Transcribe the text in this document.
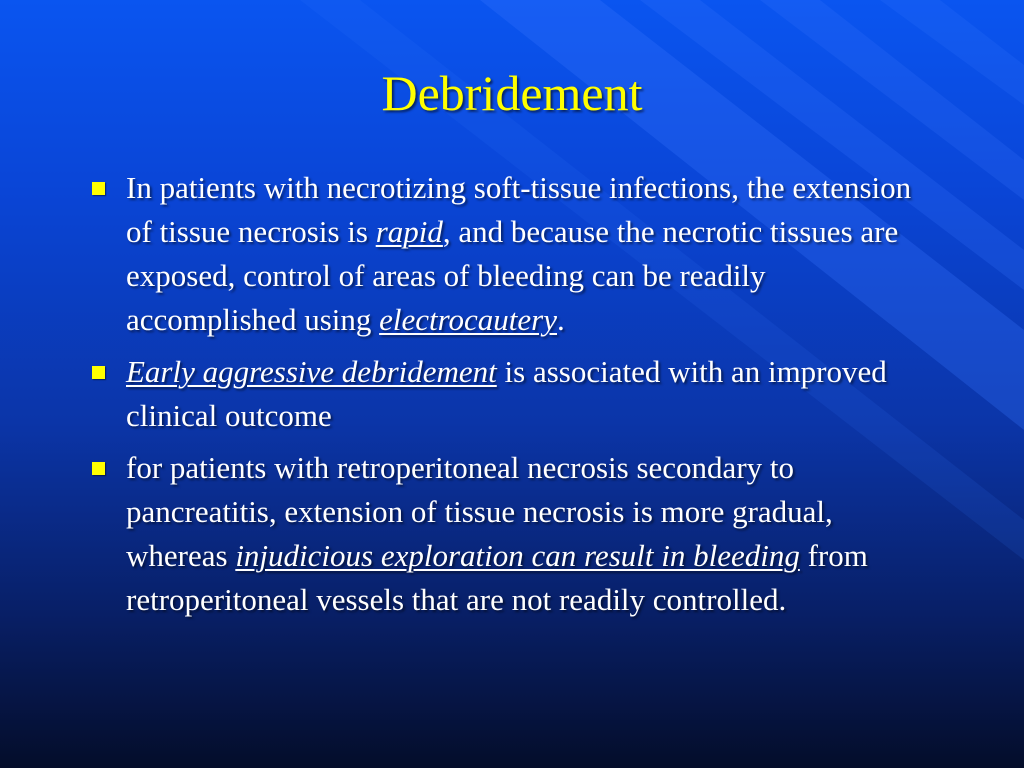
Debridement
In patients with necrotizing soft-tissue infections, the extension of tissue necrosis is rapid, and because the necrotic tissues are exposed, control of areas of bleeding can be readily accomplished using electrocautery.
Early aggressive debridement is associated with an improved clinical outcome
for patients with retroperitoneal necrosis secondary to pancreatitis, extension of tissue necrosis is more gradual, whereas injudicious exploration can result in bleeding from retroperitoneal vessels that are not readily controlled.
